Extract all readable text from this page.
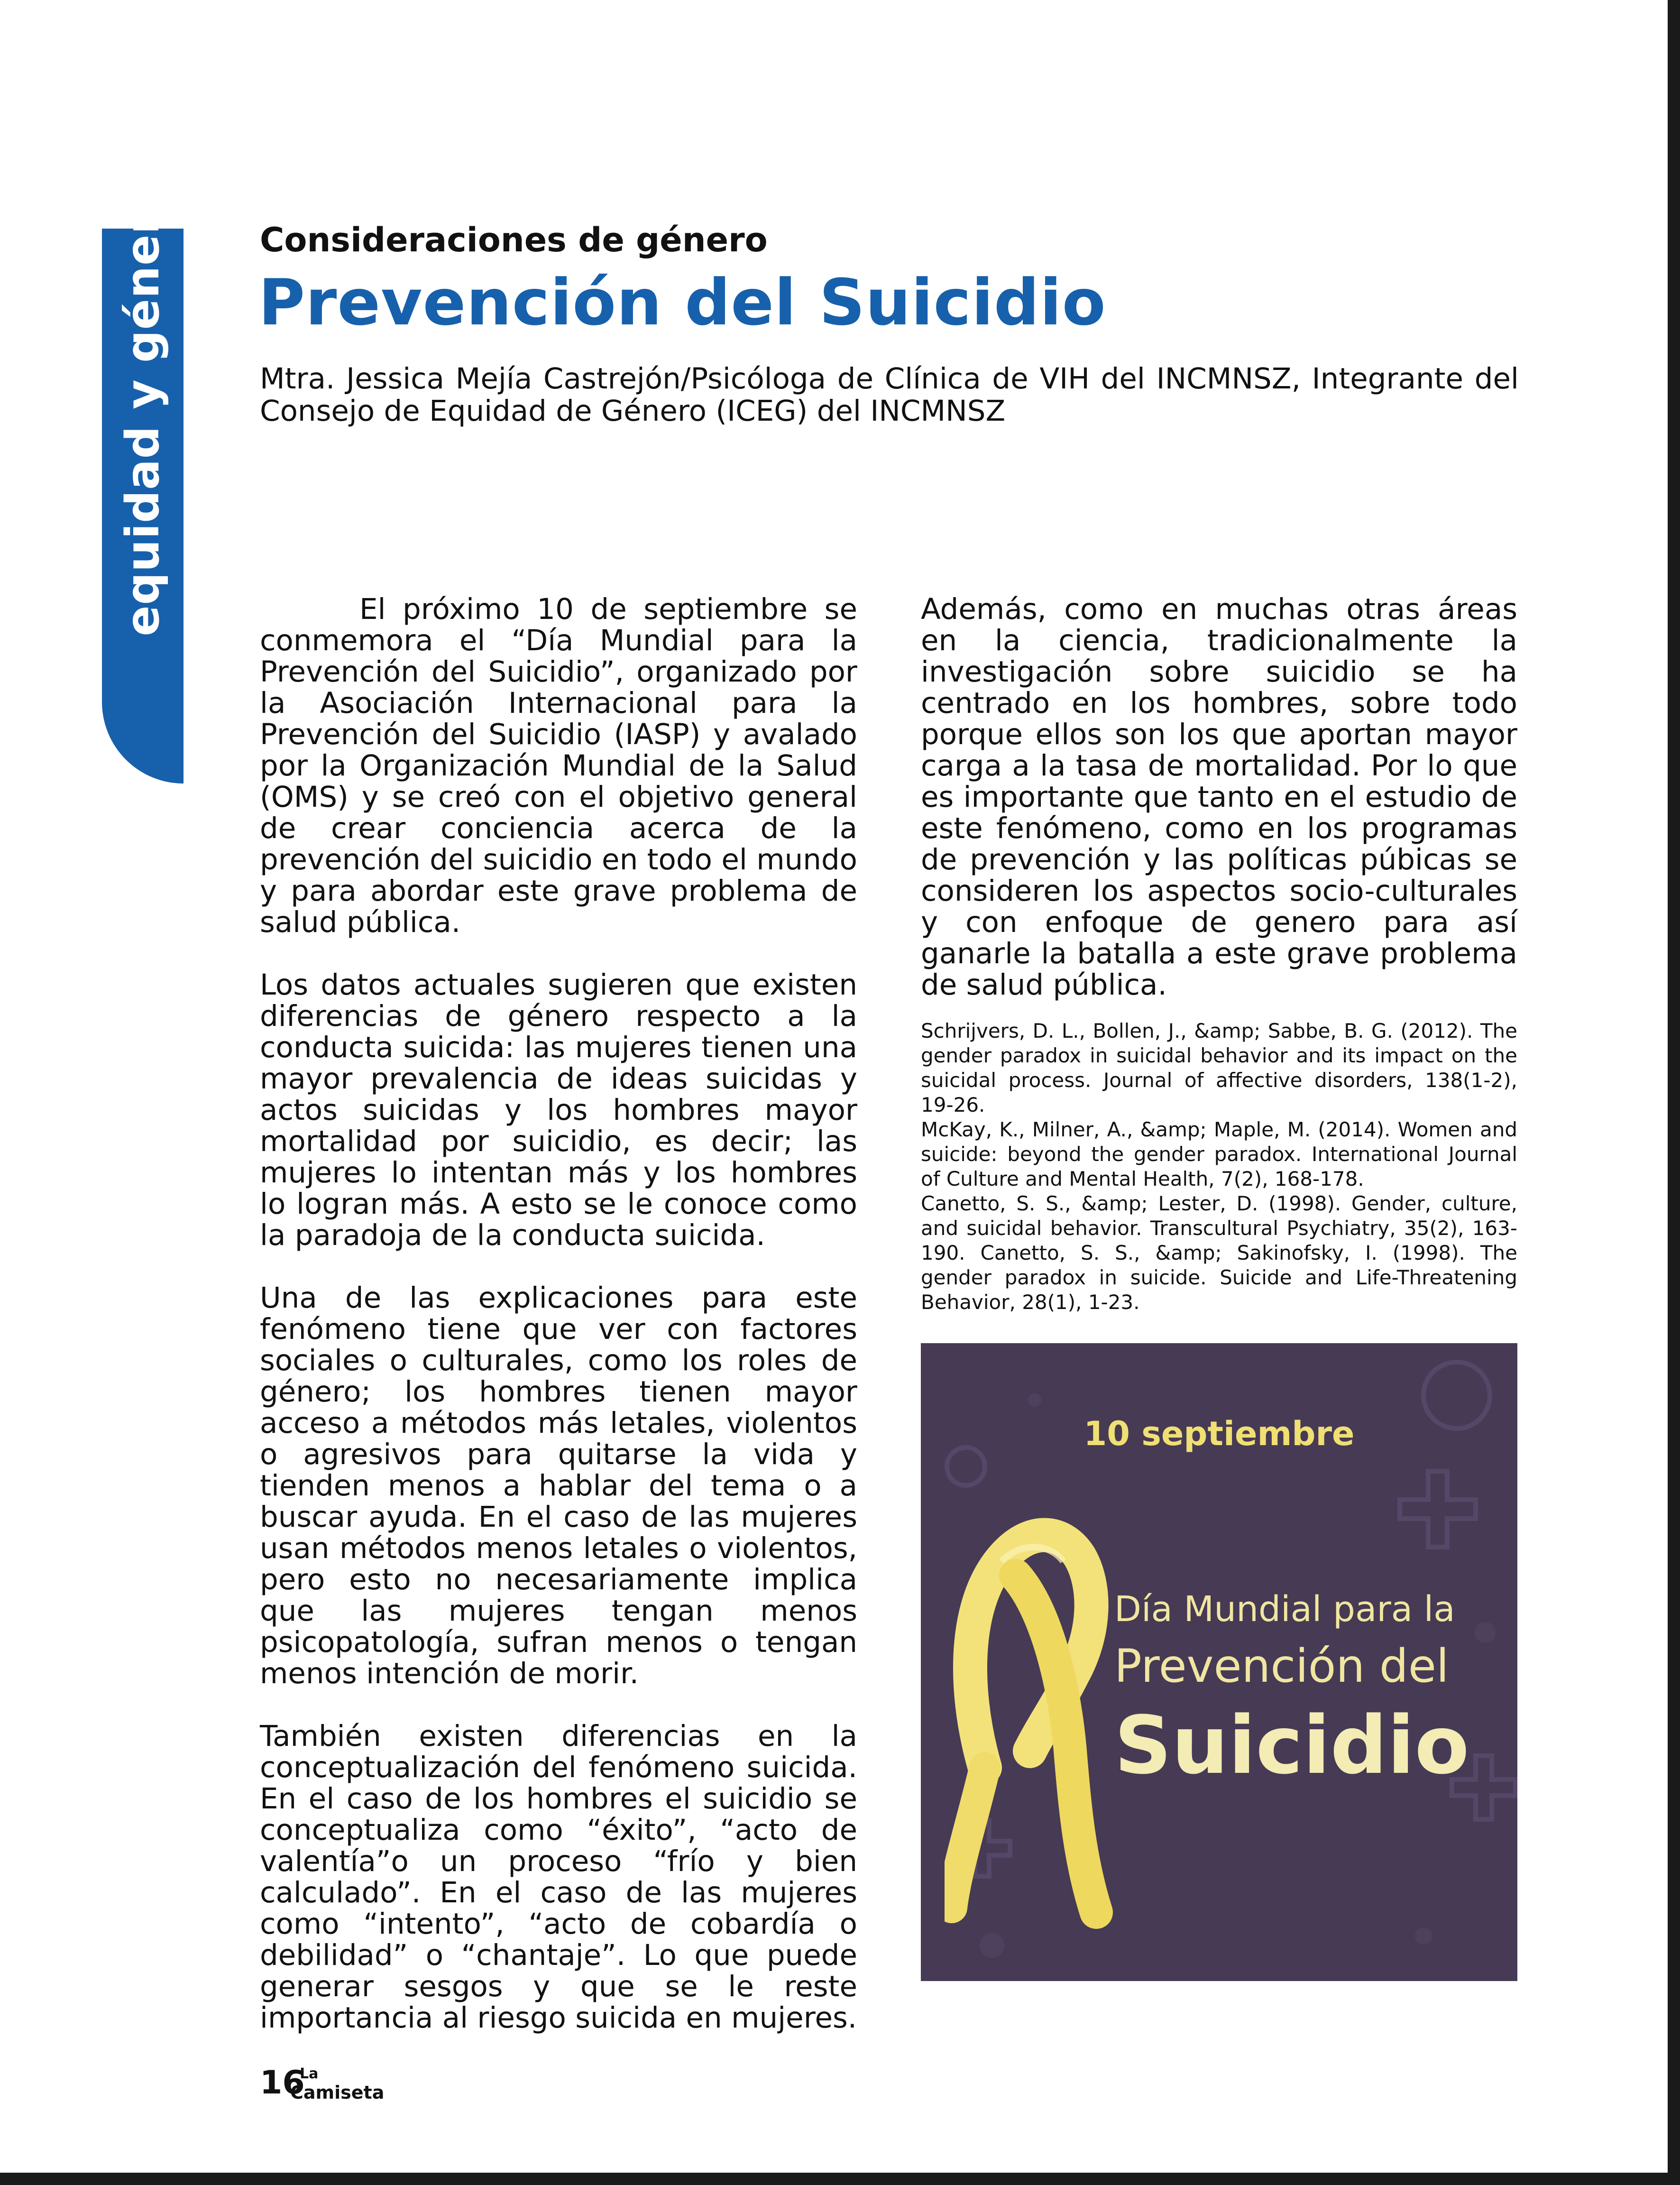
equidad y género	Consideraciones de género
Prevención del Suicidio
Mtra. Jessica Mejía Castrejón/Psicóloga de Clínica de VIH del INCMNSZ, Integrante del Consejo de Equidad de Género (ICEG) del INCMNSZ

El próximo 10 de septiembre se conmemora el “Día Mundial para la Prevención del Suicidio”, organizado por la Asociación Internacional para la Prevención del Suicidio (IASP) y avalado por la Organización Mundial de la Salud (OMS) y se creó con el objetivo general de crear conciencia acerca de la prevención del suicidio en todo el mundo y para abordar este grave problema de salud pública.

Los datos actuales sugieren que existen diferencias de género respecto a la conducta suicida: las mujeres tienen una mayor prevalencia de ideas suicidas y actos suicidas y los hombres mayor mortalidad por suicidio, es decir; las mujeres lo intentan más y los hombres lo logran más. A esto se le conoce como la paradoja de la conducta suicida.

Una de las explicaciones para este fenómeno tiene que ver con factores sociales o culturales, como los roles de género; los hombres tienen mayor acceso a métodos más letales, violentos o agresivos para quitarse la vida y tienden menos a hablar del tema o a buscar ayuda. En el caso de las mujeres usan métodos menos letales o violentos, pero esto no necesariamente implica que las mujeres tengan menos psicopatología, sufran menos o tengan menos intención de morir.

También existen diferencias en la conceptualización del fenómeno suicida. En el caso de los hombres el suicidio se conceptualiza como “éxito”, “acto de valentía”o un proceso “frío y bien calculado”. En el caso de las mujeres como “intento”, “acto de cobardía o debilidad” o “chantaje”. Lo que puede generar sesgos y que se le reste importancia al riesgo suicida en mujeres.

Además, como en muchas otras áreas en la ciencia, tradicionalmente la investigación sobre suicidio se ha centrado en los hombres, sobre todo porque ellos son los que aportan mayor carga a la tasa de mortalidad. Por lo que es importante que tanto en el estudio de este fenómeno, como en los programas de prevención y las políticas púbicas se consideren los aspectos socio-culturales y con enfoque de genero para así ganarle la batalla a este grave problema de salud pública.

Schrijvers, D. L., Bollen, J., &amp; Sabbe, B. G. (2012). The gender paradox in suicidal behavior and its impact on the suicidal process. Journal of affective disorders, 138(1-2), 19-26.

McKay, K., Milner, A., &amp; Maple, M. (2014). Women and suicide: beyond the gender paradox. International Journal of Culture and Mental Health, 7(2), 168-178.

Canetto, S. S., &amp; Lester, D. (1998). Gender, culture, and suicidal behavior. Transcultural Psychiatry, 35(2), 163-190. Canetto, S. S., &amp; Sakinofsky, I. (1998). The gender paradox in suicide. Suicide and Life-Threatening Behavior, 28(1), 1-23.

10 septiembre
Día Mundial para la
Prevención del
Suicidio
16
La
Camiseta
